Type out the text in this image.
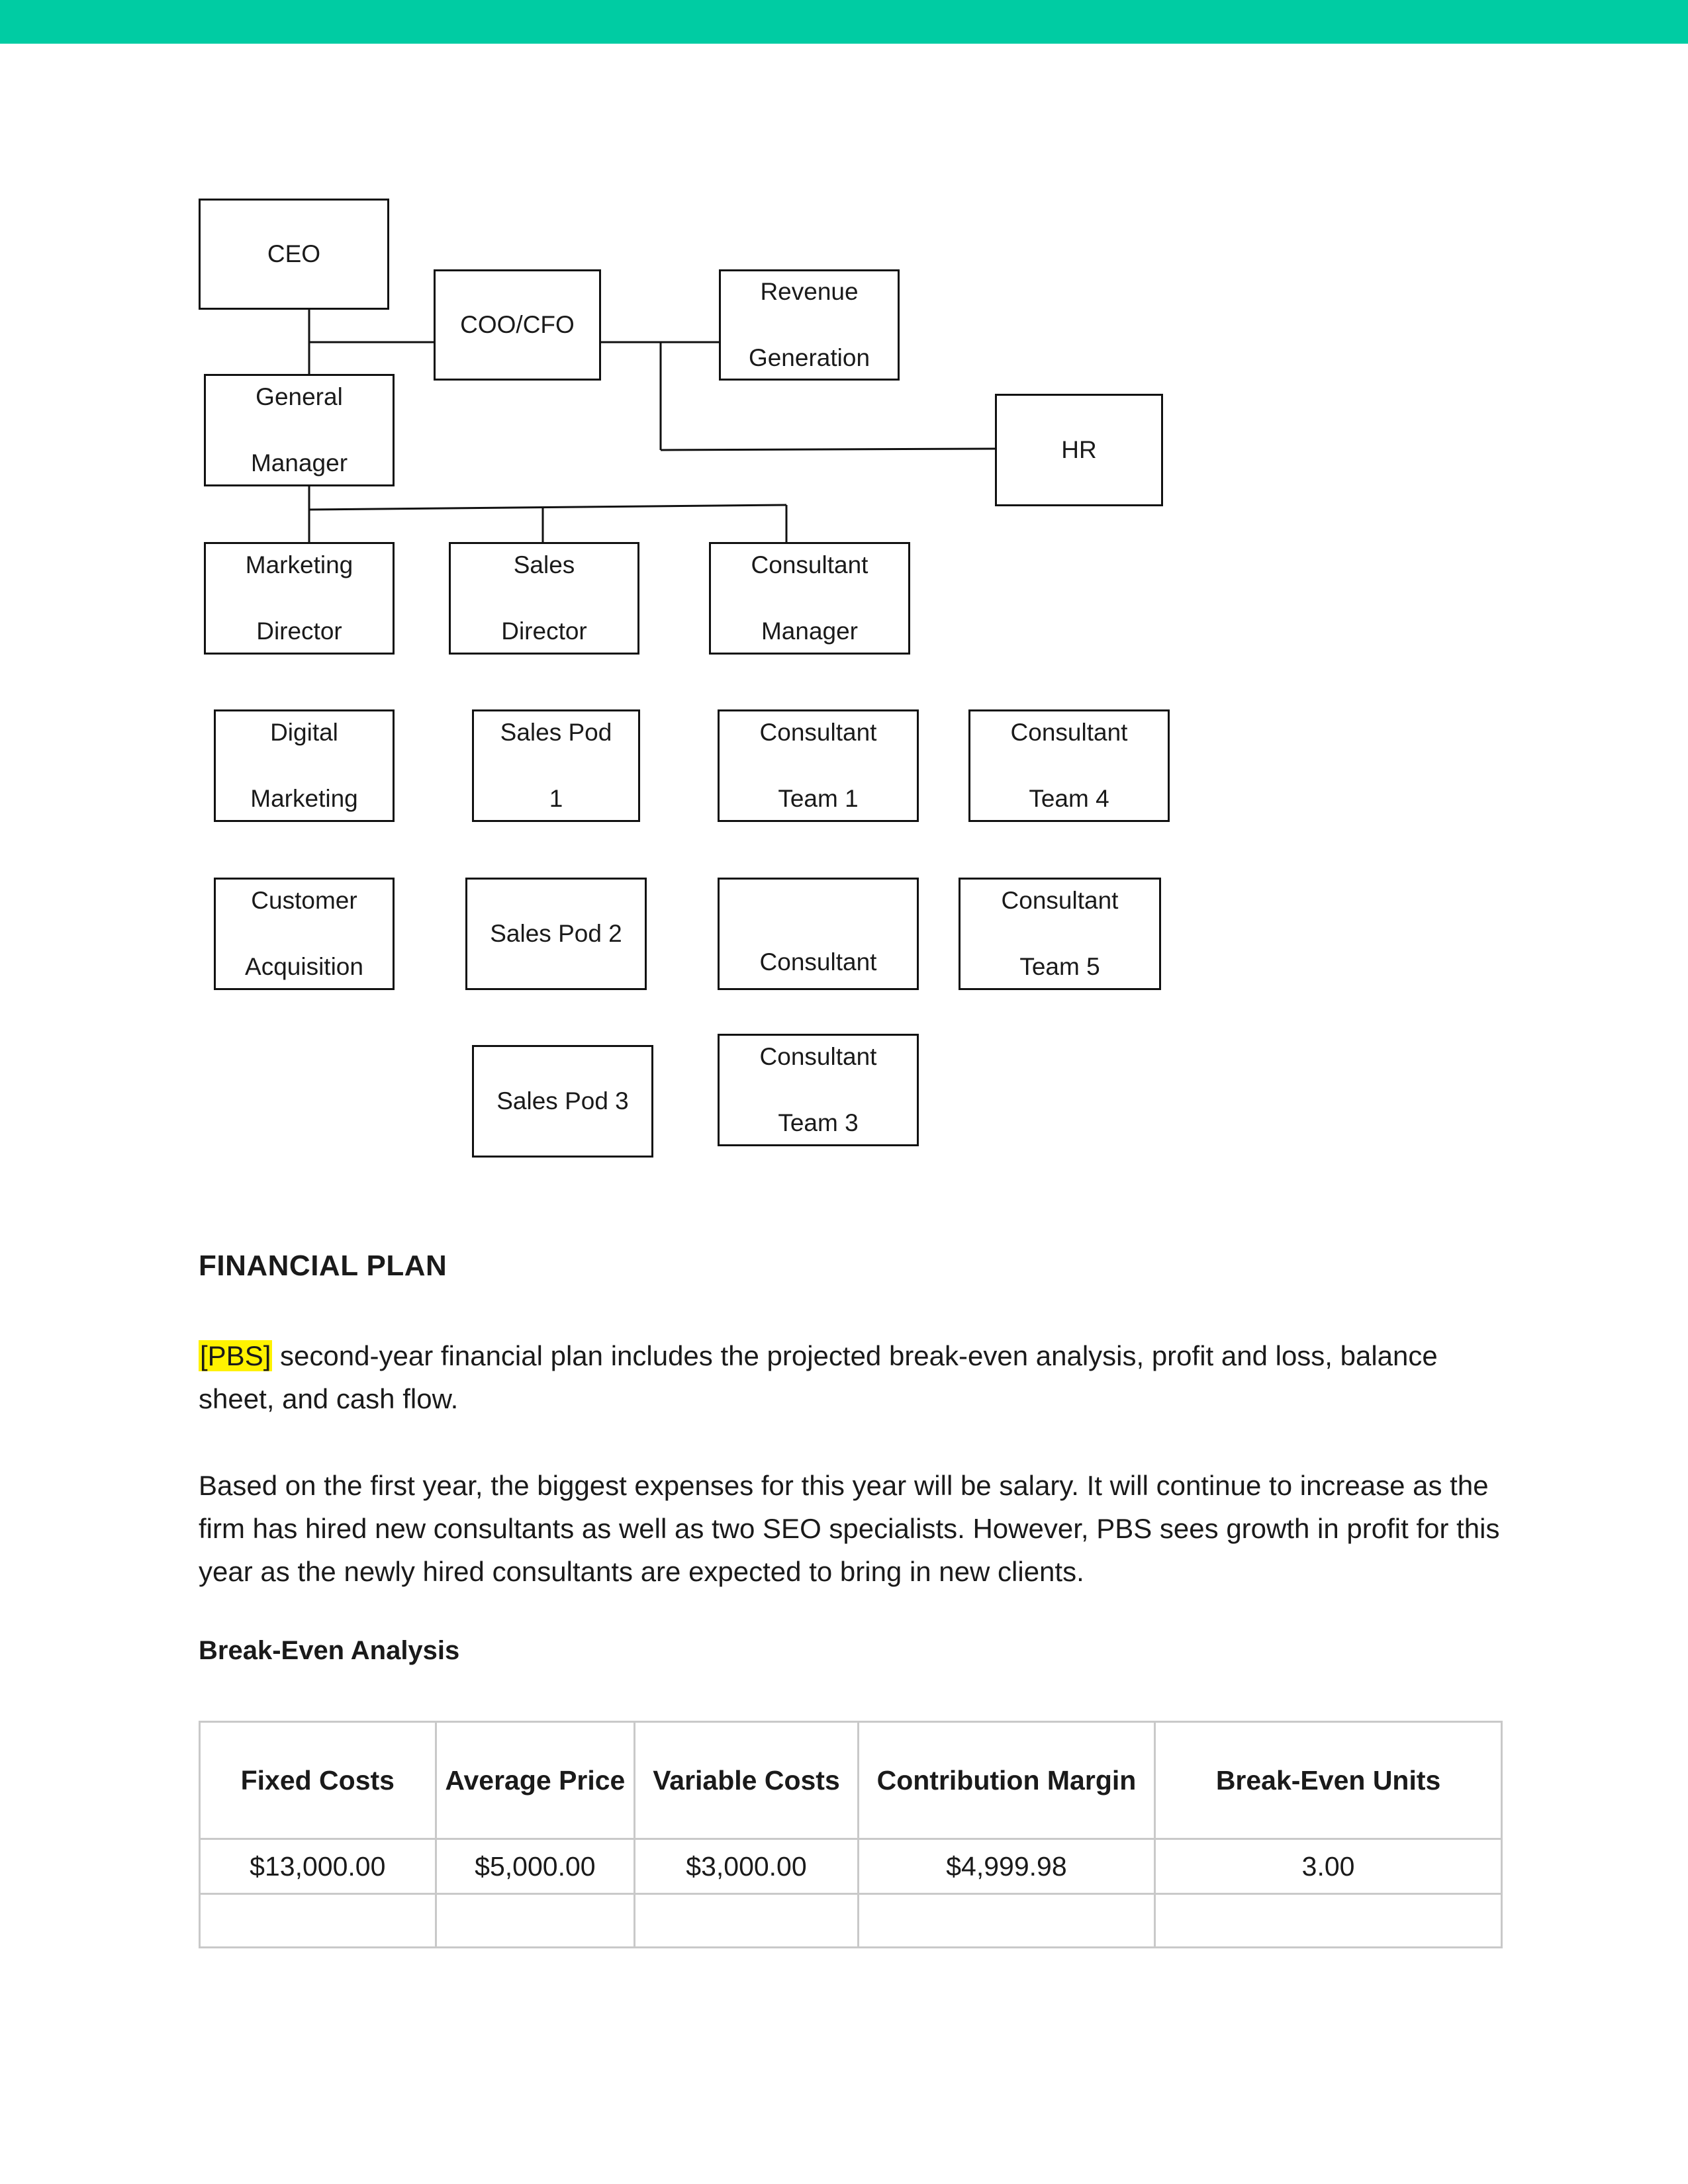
CEO
COO/CFO

Revenue

Generation

General

Manager	HR

Marketing

Director

Sales

Director

Consultant

Manager

Digital

Marketing

Sales Pod

1

Consultant

Team 1

Consultant

Team 4

Customer

Acquisition

Sales Pod 2
Consultant

Consultant

Team 5

Sales Pod 3

Consultant

Team 3

FINANCIAL PLAN
[PBS] second-year financial plan includes the projected break-even analysis, profit and loss, balance sheet, and cash flow.
Based on the first year, the biggest expenses for this year will be salary. It will continue to increase as the firm has hired new consultants as well as two SEO specialists. However, PBS sees growth in profit for this year as the newly hired consultants are expected to bring in new clients.
Break-Even Analysis
Fixed Costs	Average Price	Variable Costs	Contribution Margin	Break-Even Units
$13,000.00	$5,000.00	$3,000.00	$4,999.98	3.00
